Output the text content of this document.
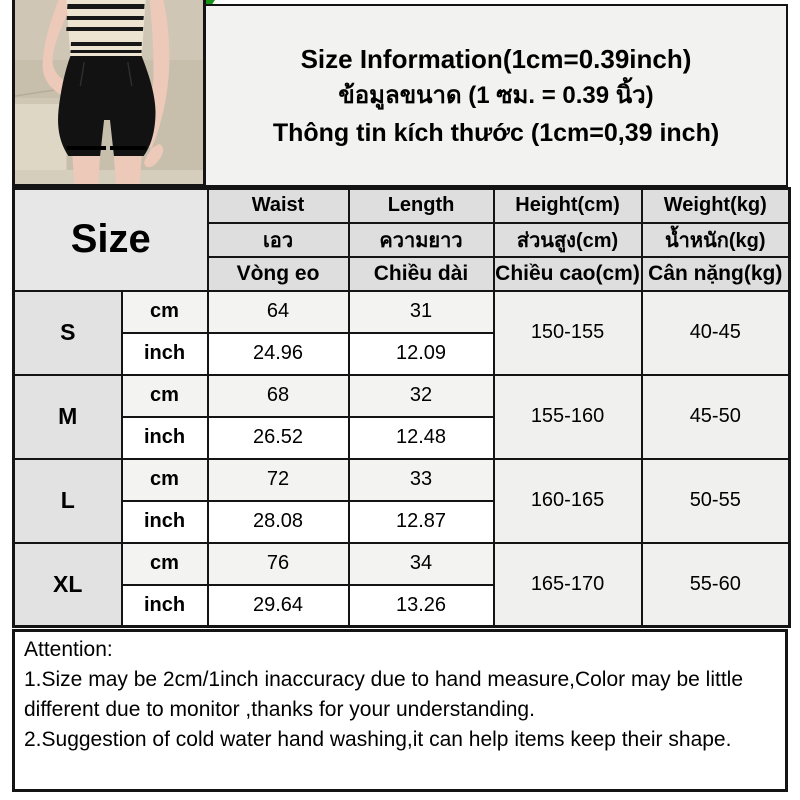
Size Information(1cm=0.39inch)
ข้อมูลขนาด (1 ซม. = 0.39 นิ้ว)
Thông tin kích thước (1cm=0,39 inch)
Size		Waist	Length	Height(cm)	Weight(kg)
		เอว	ความยาว	ส่วนสูง(cm)	น้ำหนัก(kg)
		Vòng eo	Chiều dài	Chiều cao(cm)	Cân nặng(kg)
S	cm	64	31	150-155	40-45
	inch	24.96	12.09		
M	cm	68	32	155-160	45-50
	inch	26.52	12.48		
L	cm	72	33	160-165	50-55
	inch	28.08	12.87		
XL	cm	76	34	165-170	55-60
	inch	29.64	13.26		

Attention:

1.Size may be 2cm/1inch inaccuracy due to hand measure,Color may be little different due to monitor ,thanks for your understanding.

2.Suggestion of cold water hand washing,it can help items keep their shape.
